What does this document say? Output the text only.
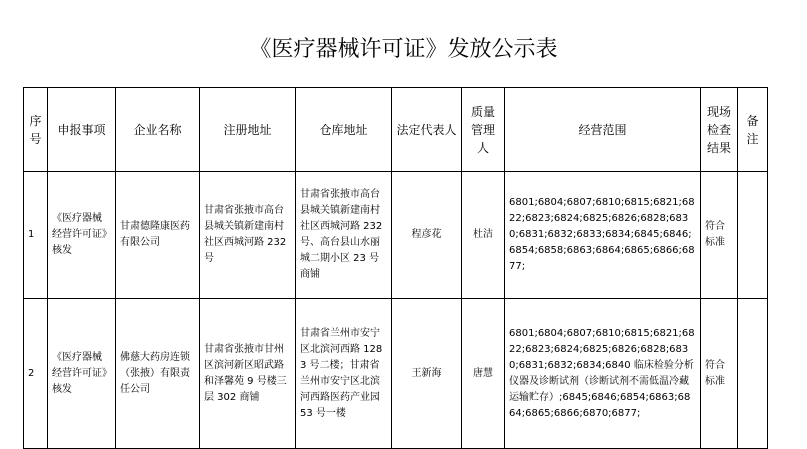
《医疗器械许可证》发放公示表
序号	申报事项	企业名称	注册地址	仓库地址	法定代表人	质量管理人	经营范围	现场检查结果	备注
1	《医疗器械经营许可证》核发	甘肃德隆康医药有限公司	甘肃省张掖市高台县城关镇新建南村社区西城河路 232 号	甘肃省张掖市高台县城关镇新建南村社区西城河路 232 号、高台县山水丽城二期小区 23 号商铺	程彦花	杜洁	6801;6804;6807;6810;6815;6821;6822;6823;6824;6825;6826;6828;6830;6831;6832;6833;6834;6845;6846;6854;6858;6863;6864;6865;6866;6877;	符合标准	
2	《医疗器械经营许可证》核发	佛慈大药房连锁（张掖）有限责任公司	甘肃省张掖市甘州区滨河新区昭武路和泽馨苑 9 号楼三层 302 商铺	甘肃省兰州市安宁区北滨河西路 1283 号二楼；甘肃省兰州市安宁区北滨河西路医药产业园 53 号一楼	王新海	唐慧	6801;6804;6807;6810;6815;6821;6822;6823;6824;6825;6826;6828;6830;6831;6832;6834;6840 临床检验分析仪器及诊断试剂（诊断试剂不需低温冷藏运输贮存）;6845;6846;6854;6863;6864;6865;6866;6870;6877;	符合标准	
